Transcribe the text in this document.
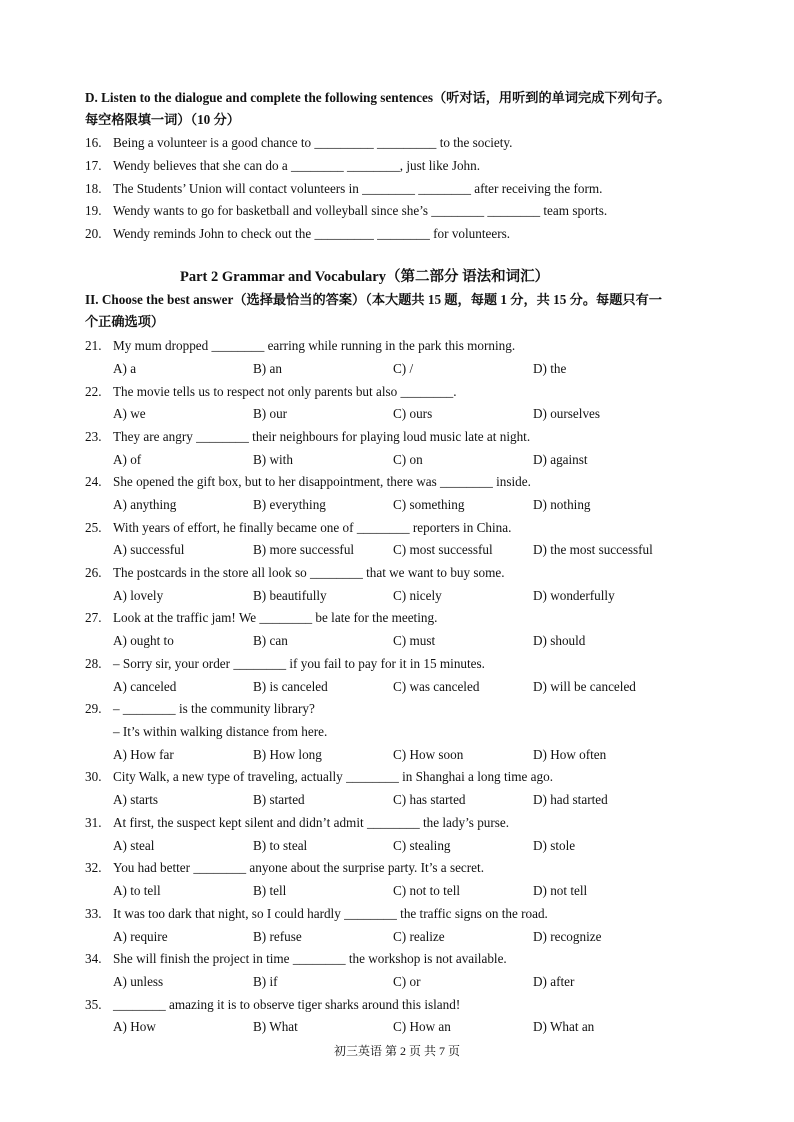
D. Listen to the dialogue and complete the following sentences（听对话，用听到的单词完成下列句子。
每空格限填一词）（10 分）
16. Being a volunteer is a good chance to _________ _________ to the society.
17. Wendy believes that she can do a ________ ________, just like John.
18. The Students’ Union will contact volunteers in ________ ________ after receiving the form.
19. Wendy wants to go for basketball and volleyball since she’s ________ ________ team sports.
20. Wendy reminds John to check out the _________ ________ for volunteers.
Part 2 Grammar and Vocabulary（第二部分 语法和词汇）
II. Choose the best answer（选择最恰当的答案）（本大题共 15 题，每题 1 分，共 15 分。每题只有一
个正确选项）
21. My mum dropped ________ earring while running in the park this morning.
A) a	B) an	C) /	D) the
22. The movie tells us to respect not only parents but also ________.
A) we	B) our	C) ours	D) ourselves
23. They are angry ________ their neighbours for playing loud music late at night.
A) of	B) with	C) on	D) against
24. She opened the gift box, but to her disappointment, there was ________ inside.
A) anything	B) everything	C) something	D) nothing
25. With years of effort, he finally became one of ________ reporters in China.
A) successful	B) more successful	C) most successful	D) the most successful
26. The postcards in the store all look so ________ that we want to buy some.
A) lovely	B) beautifully	C) nicely	D) wonderfully
27. Look at the traffic jam! We ________ be late for the meeting.
A) ought to	B) can	C) must	D) should
28. – Sorry sir, your order ________ if you fail to pay for it in 15 minutes.
A) canceled	B) is canceled	C) was canceled	D) will be canceled
29. – ________ is the community library?
– It’s within walking distance from here.
A) How far	B) How long	C) How soon	D) How often
30. City Walk, a new type of traveling, actually ________ in Shanghai a long time ago.
A) starts	B) started	C) has started	D) had started
31. At first, the suspect kept silent and didn’t admit ________ the lady’s purse.
A) steal	B) to steal	C) stealing	D) stole
32. You had better ________ anyone about the surprise party. It’s a secret.
A) to tell	B) tell	C) not to tell	D) not tell
33. It was too dark that night, so I could hardly ________ the traffic signs on the road.
A) require	B) refuse	C) realize	D) recognize
34. She will finish the project in time ________ the workshop is not available.
A) unless	B) if	C) or	D) after
35. ________ amazing it is to observe tiger sharks around this island!
A) How	B) What	C) How an	D) What an
初三英语 第 2 页 共 7 页
